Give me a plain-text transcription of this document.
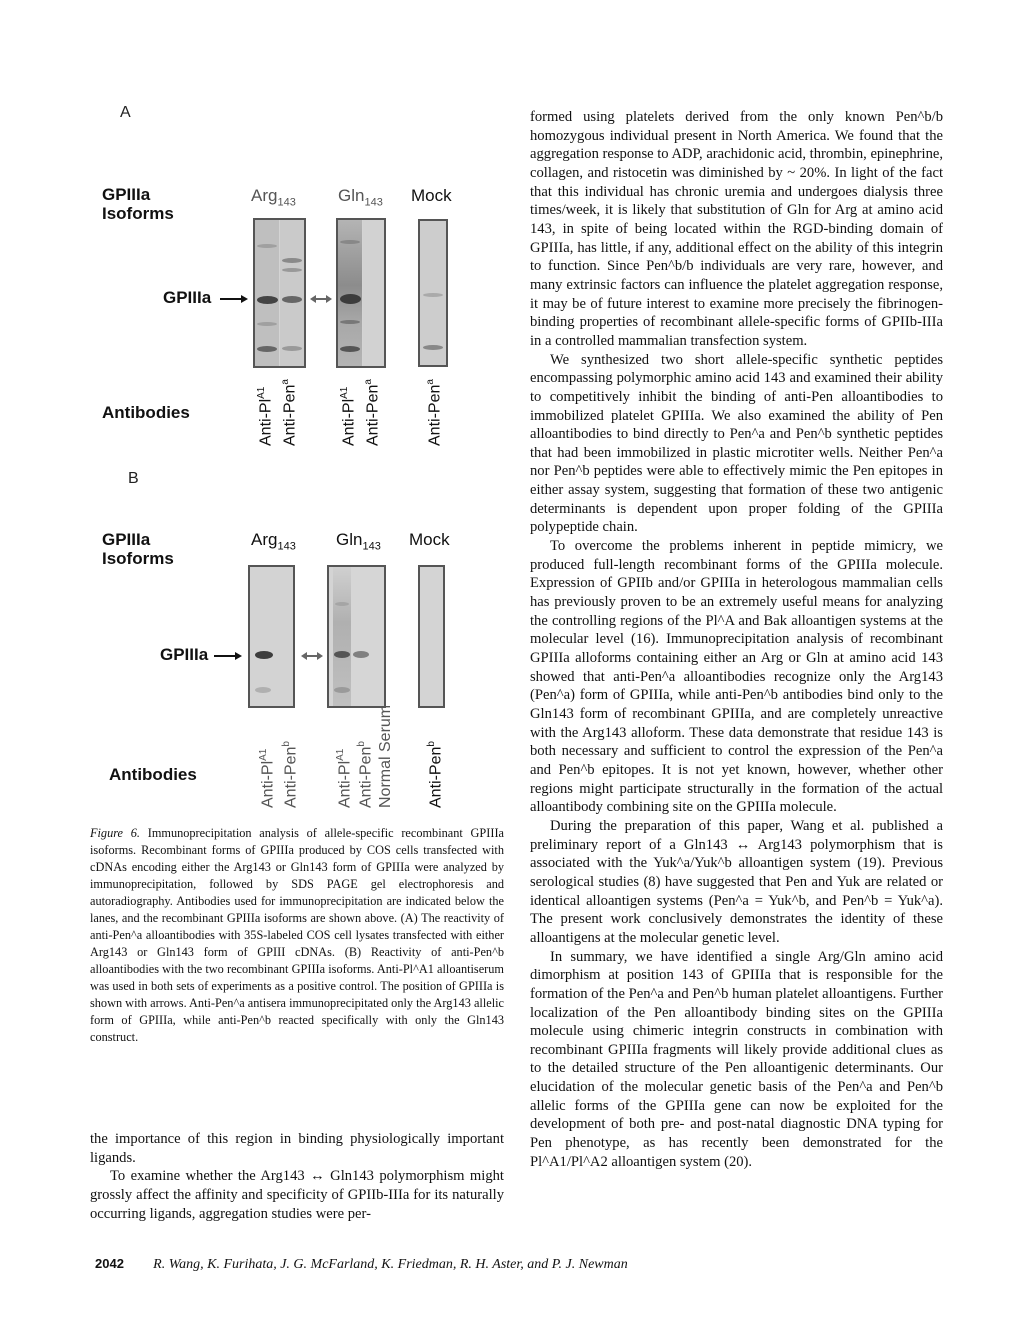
A
GPIIIa
Isoforms
Arg$_{143}$ Gln$_{143}$ Mock
GPIIIa
Antibodies	Anti-$Pl^{A1}$ Anti-Pen$^a$
Anti-$Pl^{A1}$ Anti-Pen$^a$
Anti-Pen$^a$
B
GPIIIa
Isoforms
Arg$_{143}$ Gln$_{143}$ Mock
GPIIIa
Antibodies	Anti-$Pl^{A1}$ Anti-Pen$^b$
Anti-$Pl^{A1}$ Anti-Pen$^b$ Normal Serum Anti-Pen$^b$
Figure 6. Immunoprecipitation analysis of allele-specific recombinant GPIIIa isoforms. Recombinant forms of GPIIIa produced by COS cells transfected with cDNAs encoding either the Arg143 or Gln143 form of GPIIIa were analyzed by immunoprecipitation, followed by SDS PAGE gel electrophoresis and autoradiography. Antibodies used for immunoprecipitation are indicated below the lanes, and the recombinant GPIIIa isoforms are shown above. (A) The reactivity of anti-Pen^a alloantibodies with 35S-labeled COS cell lysates transfected with either Arg143 or Gln143 form of GPIII cDNAs. (B) Reactivity of anti-Pen^b alloantibodies with the two recombinant GPIIIa isoforms. Anti-Pl^A1 alloantiserum was used in both sets of experiments as a positive control. The position of GPIIIa is shown with arrows. Anti-Pen^a antisera immunoprecipitated only the Arg143 allelic form of GPIIIa, while anti-Pen^b reacted specifically with only the Gln143 construct.

the importance of this region in binding physiologically important ligands.

To examine whether the Arg143 ↔ Gln143 polymorphism might grossly affect the affinity and specificity of GPIIb-IIIa for its naturally occurring ligands, aggregation studies were per-

formed using platelets derived from the only known Pen^b/b homozygous individual present in North America. We found that the aggregation response to ADP, arachidonic acid, thrombin, epinephrine, collagen, and ristocetin was diminished by ~ 20%. In light of the fact that this individual has chronic uremia and undergoes dialysis three times/week, it is likely that substitution of Gln for Arg at amino acid 143, in spite of being located within the RGD-binding domain of GPIIIa, has little, if any, additional effect on the ability of this integrin to function. Since Pen^b/b individuals are very rare, however, and many extrinsic factors can influence the platelet aggregation response, it may be of future interest to examine more precisely the fibrinogen-binding properties of recombinant allele-specific forms of GPIIb-IIIa in a controlled mammalian transfection system.

We synthesized two short allele-specific synthetic peptides encompassing polymorphic amino acid 143 and examined their ability to competitively inhibit the binding of anti-Pen alloantibodies to immobilized platelet GPIIIa. We also examined the ability of Pen alloantibodies to bind directly to Pen^a and Pen^b synthetic peptides that had been immobilized in plastic microtiter wells. Neither Pen^a nor Pen^b peptides were able to effectively mimic the Pen epitopes in either assay system, suggesting that formation of these two antigenic determinants is dependent upon proper folding of the GPIIIa polypeptide chain.

To overcome the problems inherent in peptide mimicry, we produced full-length recombinant forms of the GPIIIa molecule. Expression of GPIIb and/or GPIIIa in heterologous mammalian cells has previously proven to be an extremely useful means for analyzing the controlling regions of the Pl^A and Bak alloantigen systems at the molecular level (16). Immunoprecipitation analysis of recombinant GPIIIa alloforms containing either an Arg or Gln at amino acid 143 showed that anti-Pen^a alloantibodies recognize only the Arg143 (Pen^a) form of GPIIIa, while anti-Pen^b antibodies bind only to the Gln143 form of recombinant GPIIIa, and are completely unreactive with the Arg143 alloform. These data demonstrate that residue 143 is both necessary and sufficient to control the expression of the Pen^a and Pen^b epitopes. It is not yet known, however, whether other regions might participate structurally in the formation of the actual alloantibody combining site on the GPIIIa molecule.

During the preparation of this paper, Wang et al. published a preliminary report of a Gln143 ↔ Arg143 polymorphism that is associated with the Yuk^a/Yuk^b alloantigen system (19). Previous serological studies (8) have suggested that Pen and Yuk are related or identical alloantigen systems (Pen^a = Yuk^b, and Pen^b = Yuk^a). The present work conclusively demonstrates the identity of these alloantigens at the molecular genetic level.

In summary, we have identified a single Arg/Gln amino acid dimorphism at position 143 of GPIIIa that is responsible for the formation of the Pen^a and Pen^b human platelet alloantigens. Further localization of the Pen alloantibody binding sites on the GPIIIa molecule using chimeric integrin constructs in combination with recombinant GPIIIa fragments will likely provide additional clues as to the detailed structure of the Pen alloantigenic determinants. Our elucidation of the molecular genetic basis of the Pen^a and Pen^b allelic forms of the GPIIIa gene can now be exploited for the development of both pre- and post-natal diagnostic DNA typing for Pen phenotype, as has recently been demonstrated for the Pl^A1/Pl^A2 alloantigen system (20).

2042 R. Wang, K. Furihata, J. G. McFarland, K. Friedman, R. H. Aster, and P. J. Newman
